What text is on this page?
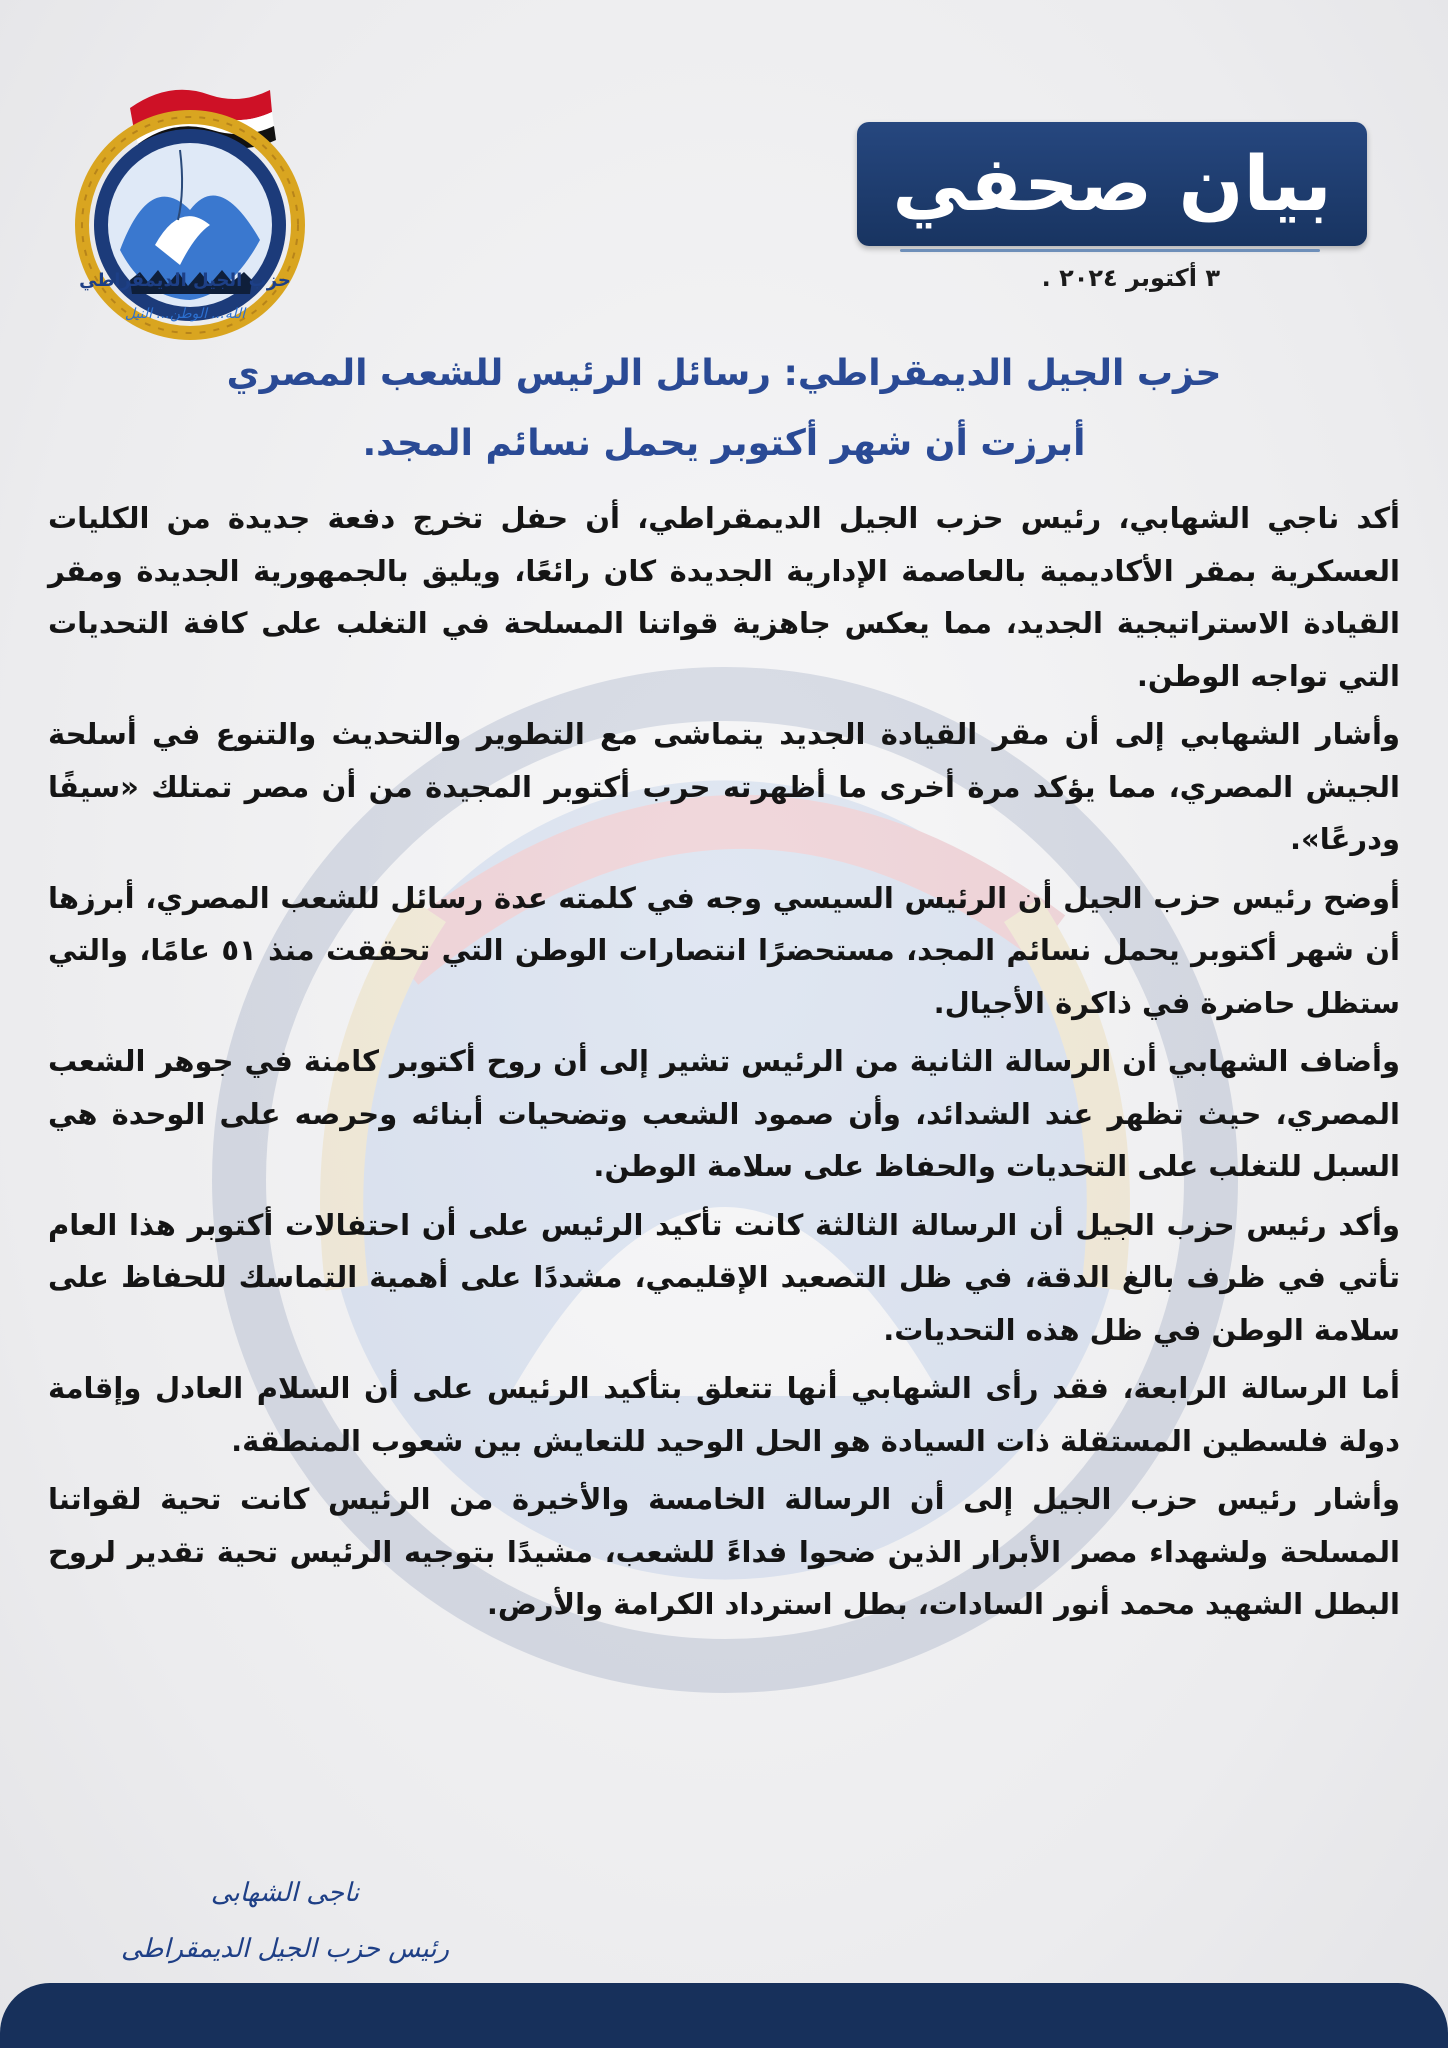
حزب الجيل الديمقراطي
الله... الوطن... النيل
بيان صحفي
٣ أكتوبر ٢٠٢٤ .
حزب الجيل الديمقراطي: رسائل الرئيس للشعب المصري
أبرزت أن شهر أكتوبر يحمل نسائم المجد.

أكد ناجي الشهابي، رئيس حزب الجيل الديمقراطي، أن حفل تخرج دفعة جديدة من الكليات العسكرية بمقر الأكاديمية بالعاصمة الإدارية الجديدة كان رائعًا، ويليق بالجمهورية الجديدة ومقر القيادة الاستراتيجية الجديد، مما يعكس جاهزية قواتنا المسلحة في التغلب على كافة التحديات التي تواجه الوطن.

وأشار الشهابي إلى أن مقر القيادة الجديد يتماشى مع التطوير والتحديث والتنوع في أسلحة الجيش المصري، مما يؤكد مرة أخرى ما أظهرته حرب أكتوبر المجيدة من أن مصر تمتلك «سيفًا ودرعًا».

أوضح رئيس حزب الجيل أن الرئيس السيسي وجه في كلمته عدة رسائل للشعب المصري، أبرزها أن شهر أكتوبر يحمل نسائم المجد، مستحضرًا انتصارات الوطن التي تحققت منذ ٥١ عامًا، والتي ستظل حاضرة في ذاكرة الأجيال.

وأضاف الشهابي أن الرسالة الثانية من الرئيس تشير إلى أن روح أكتوبر كامنة في جوهر الشعب المصري، حيث تظهر عند الشدائد، وأن صمود الشعب وتضحيات أبنائه وحرصه على الوحدة هي السبل للتغلب على التحديات والحفاظ على سلامة الوطن.

وأكد رئيس حزب الجيل أن الرسالة الثالثة كانت تأكيد الرئيس على أن احتفالات أكتوبر هذا العام تأتي في ظرف بالغ الدقة، في ظل التصعيد الإقليمي، مشددًا على أهمية التماسك للحفاظ على سلامة الوطن في ظل هذه التحديات.

أما الرسالة الرابعة، فقد رأى الشهابي أنها تتعلق بتأكيد الرئيس على أن السلام العادل وإقامة دولة فلسطين المستقلة ذات السيادة هو الحل الوحيد للتعايش بين شعوب المنطقة.

وأشار رئيس حزب الجيل إلى أن الرسالة الخامسة والأخيرة من الرئيس كانت تحية لقواتنا المسلحة ولشهداء مصر الأبرار الذين ضحوا فداءً للشعب، مشيدًا بتوجيه الرئيس تحية تقدير لروح البطل الشهيد محمد أنور السادات، بطل استرداد الكرامة والأرض.

ناجى الشهابى
رئيس حزب الجيل الديمقراطى
